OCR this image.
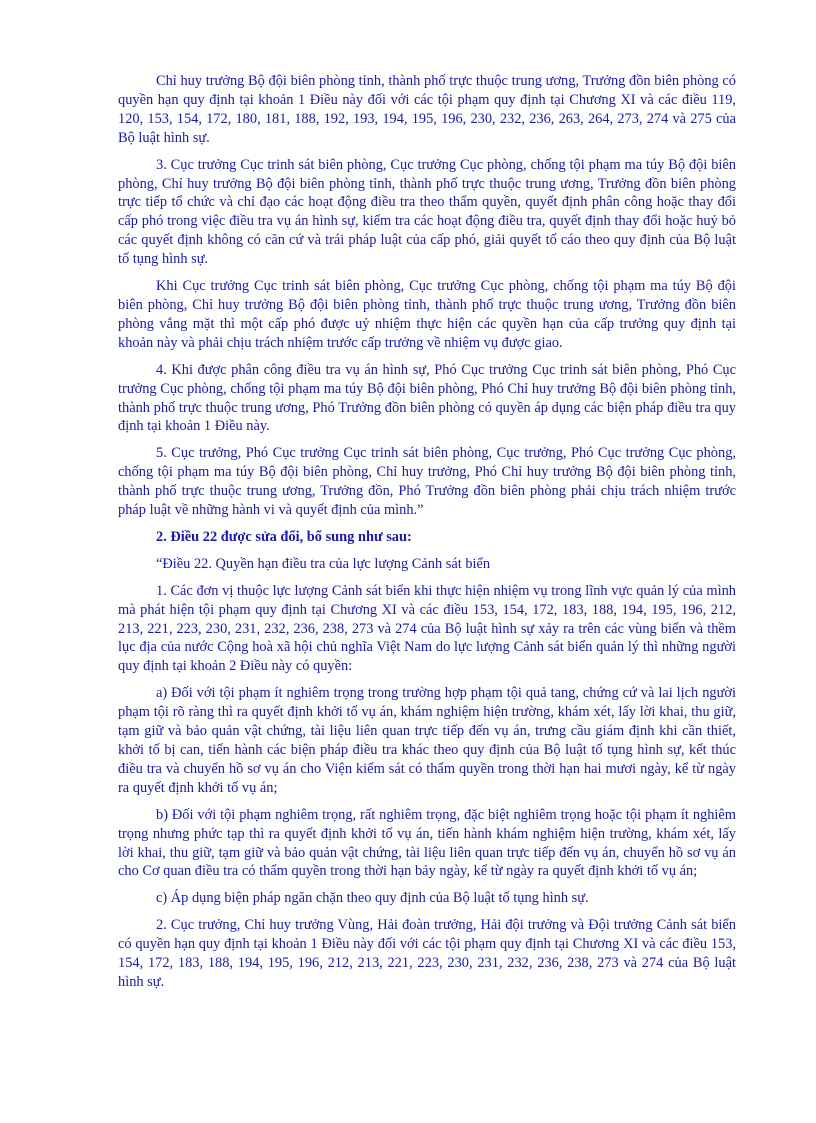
Chỉ huy trưởng Bộ đội biên phòng tỉnh, thành phố trực thuộc trung ương, Trưởng đồn biên phòng có quyền hạn quy định tại khoản 1 Điều này đối với các tội phạm quy định tại Chương XI và các điều 119, 120, 153, 154, 172, 180, 181, 188, 192, 193, 194, 195, 196, 230, 232, 236, 263, 264, 273, 274 và 275 của Bộ luật hình sự.

3. Cục trưởng Cục trinh sát biên phòng, Cục trưởng Cục phòng, chống tội phạm ma túy Bộ đội biên phòng, Chỉ huy trưởng Bộ đội biên phòng tỉnh, thành phố trực thuộc trung ương, Trưởng đồn biên phòng trực tiếp tổ chức và chỉ đạo các hoạt động điều tra theo thẩm quyền, quyết định phân công hoặc thay đổi cấp phó trong việc điều tra vụ án hình sự, kiểm tra các hoạt động điều tra, quyết định thay đổi hoặc huỷ bỏ các quyết định không có căn cứ và trái pháp luật của cấp phó, giải quyết tố cáo theo quy định của Bộ luật tố tụng hình sự.

Khi Cục trưởng Cục trinh sát biên phòng, Cục trưởng Cục phòng, chống tội phạm ma túy Bộ đội biên phòng, Chỉ huy trưởng Bộ đội biên phòng tỉnh, thành phố trực thuộc trung ương, Trưởng đồn biên phòng vắng mặt thì một cấp phó được uỷ nhiệm thực hiện các quyền hạn của cấp trưởng quy định tại khoản này và phải chịu trách nhiệm trước cấp trưởng về nhiệm vụ được giao.

4. Khi được phân công điều tra vụ án hình sự, Phó Cục trưởng Cục trinh sát biên phòng, Phó Cục trưởng Cục phòng, chống tội phạm ma túy Bộ đội biên phòng, Phó Chỉ huy trưởng Bộ đội biên phòng tỉnh, thành phố trực thuộc trung ương, Phó Trưởng đồn biên phòng có quyền áp dụng các biện pháp điều tra quy định tại khoản 1 Điều này.

5. Cục trưởng, Phó Cục trưởng Cục trinh sát biên phòng, Cục trưởng, Phó Cục trưởng Cục phòng, chống tội phạm ma túy Bộ đội biên phòng, Chỉ huy trưởng, Phó Chỉ huy trưởng Bộ đội biên phòng tỉnh, thành phố trực thuộc trung ương, Trưởng đồn, Phó Trưởng đồn biên phòng phải chịu trách nhiệm trước pháp luật về những hành vi và quyết định của mình.”

2. Điều 22 được sửa đổi, bổ sung như sau:

“Điều 22. Quyền hạn điều tra của lực lượng Cảnh sát biển

1. Các đơn vị thuộc lực lượng Cảnh sát biển khi thực hiện nhiệm vụ trong lĩnh vực quản lý của mình mà phát hiện tội phạm quy định tại Chương XI và các điều 153, 154, 172, 183, 188, 194, 195, 196, 212, 213, 221, 223, 230, 231, 232, 236, 238, 273 và 274 của Bộ luật hình sự xảy ra trên các vùng biển và thềm lục địa của nước Cộng hoà xã hội chủ nghĩa Việt Nam do lực lượng Cảnh sát biển quản lý thì những người quy định tại khoản 2 Điều này có quyền:

a) Đối với tội phạm ít nghiêm trọng trong trường hợp phạm tội quả tang, chứng cứ và lai lịch người phạm tội rõ ràng thì ra quyết định khởi tố vụ án, khám nghiệm hiện trường, khám xét, lấy lời khai, thu giữ, tạm giữ và bảo quản vật chứng, tài liệu liên quan trực tiếp đến vụ án, trưng cầu giám định khi cần thiết, khởi tố bị can, tiến hành các biện pháp điều tra khác theo quy định của Bộ luật tố tụng hình sự, kết thúc điều tra và chuyển hồ sơ vụ án cho Viện kiểm sát có thẩm quyền trong thời hạn hai mươi ngày, kể từ ngày ra quyết định khởi tố vụ án;

b) Đối với tội phạm nghiêm trọng, rất nghiêm trọng, đặc biệt nghiêm trọng hoặc tội phạm ít nghiêm trọng nhưng phức tạp thì ra quyết định khởi tố vụ án, tiến hành khám nghiệm hiện trường, khám xét, lấy lời khai, thu giữ, tạm giữ và bảo quản vật chứng, tài liệu liên quan trực tiếp đến vụ án, chuyển hồ sơ vụ án cho Cơ quan điều tra có thẩm quyền trong thời hạn bảy ngày, kể từ ngày ra quyết định khởi tố vụ án;

c) Áp dụng biện pháp ngăn chặn theo quy định của Bộ luật tố tụng hình sự.

2. Cục trưởng, Chỉ huy trưởng Vùng, Hải đoàn trưởng, Hải đội trưởng và Đội trưởng Cảnh sát biển có quyền hạn quy định tại khoản 1 Điều này đối với các tội phạm quy định tại Chương XI và các điều 153, 154, 172, 183, 188, 194, 195, 196, 212, 213, 221, 223, 230, 231, 232, 236, 238, 273 và 274 của Bộ luật hình sự.
